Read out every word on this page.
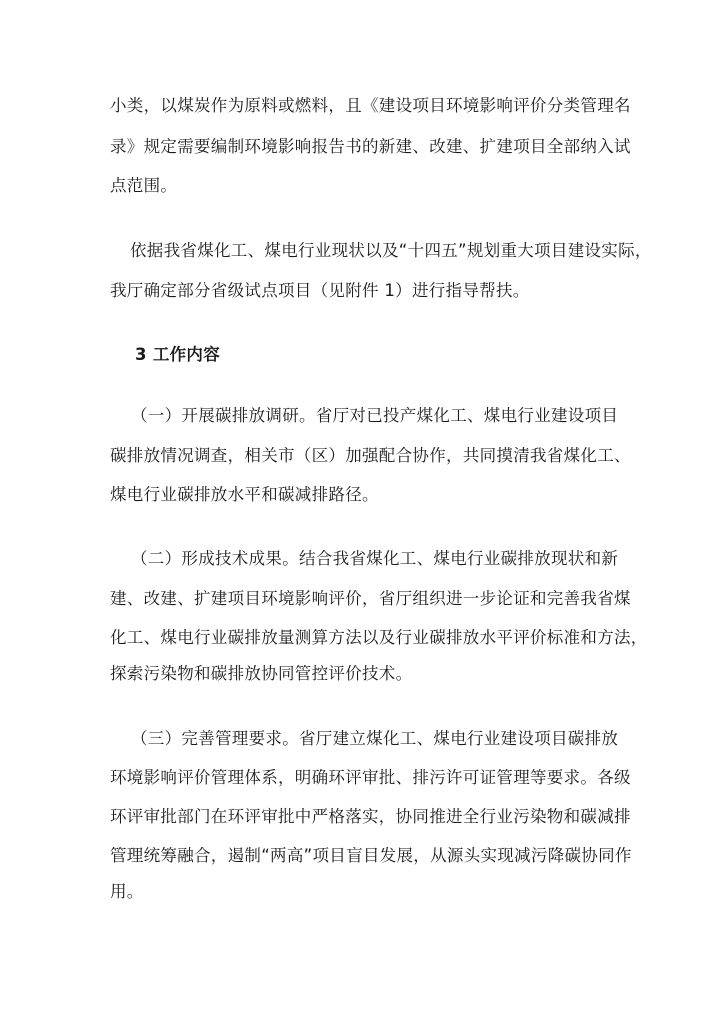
小类，以煤炭作为原料或燃料，且《建设项目环境影响评价分类管理名
录》规定需要编制环境影响报告书的新建、改建、扩建项目全部纳入试
点范围。
依据我省煤化工、煤电行业现状以及“十四五”规划重大项目建设实际，
我厅确定部分省级试点项目（见附件 1）进行指导帮扶。
3 工作内容
（一）开展碳排放调研。省厅对已投产煤化工、煤电行业建设项目
碳排放情况调查，相关市（区）加强配合协作，共同摸清我省煤化工、
煤电行业碳排放水平和碳减排路径。
（二）形成技术成果。结合我省煤化工、煤电行业碳排放现状和新
建、改建、扩建项目环境影响评价，省厅组织进一步论证和完善我省煤
化工、煤电行业碳排放量测算方法以及行业碳排放水平评价标准和方法，
探索污染物和碳排放协同管控评价技术。
（三）完善管理要求。省厅建立煤化工、煤电行业建设项目碳排放
环境影响评价管理体系，明确环评审批、排污许可证管理等要求。各级
环评审批部门在环评审批中严格落实，协同推进全行业污染物和碳减排
管理统筹融合，遏制“两高”项目盲目发展，从源头实现减污降碳协同作
用。
